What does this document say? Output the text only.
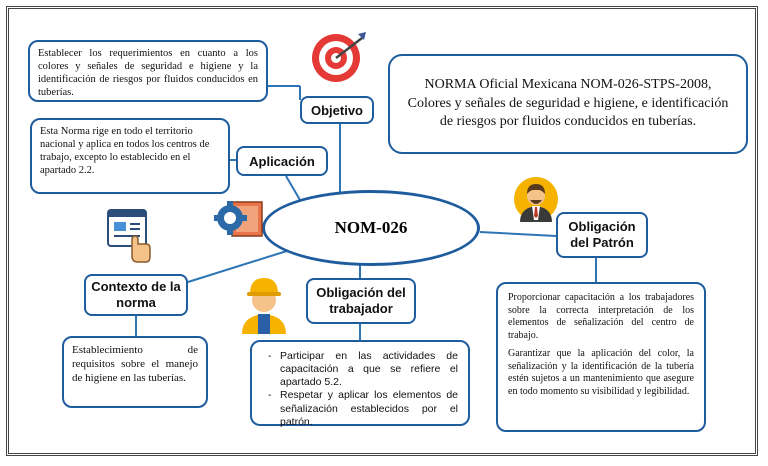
NORMA Oficial Mexicana NOM-026-STPS-2008, Colores y señales de seguridad e higiene, e identificación de riesgos por fluidos conducidos en tuberías.
Establecer los requerimientos en cuanto a los colores y señales de seguridad e higiene y la identificación de riesgos por fluidos conducidos en tuberías.
Objetivo
Esta Norma rige en todo el territorio nacional y aplica en todos los centros de trabajo, excepto lo establecido en el apartado 2.2.
Aplicación
NOM-026
Contexto de la norma
Establecimiento de requisitos sobre el manejo de higiene en las tuberías.
Obligación del trabajador
- Participar en las actividades de capacitación a que se refiere el apartado 5.2.
- Respetar y aplicar los elementos de señalización establecidos por el patrón.
Obligación del Patrón
Proporcionar capacitación a los trabajadores sobre la correcta interpretación de los elementos de señalización del centro de trabajo.
Garantizar que la aplicación del color, la señalización y la identificación de la tubería estén sujetos a un mantenimiento que asegure en todo momento su visibilidad y legibilidad.
